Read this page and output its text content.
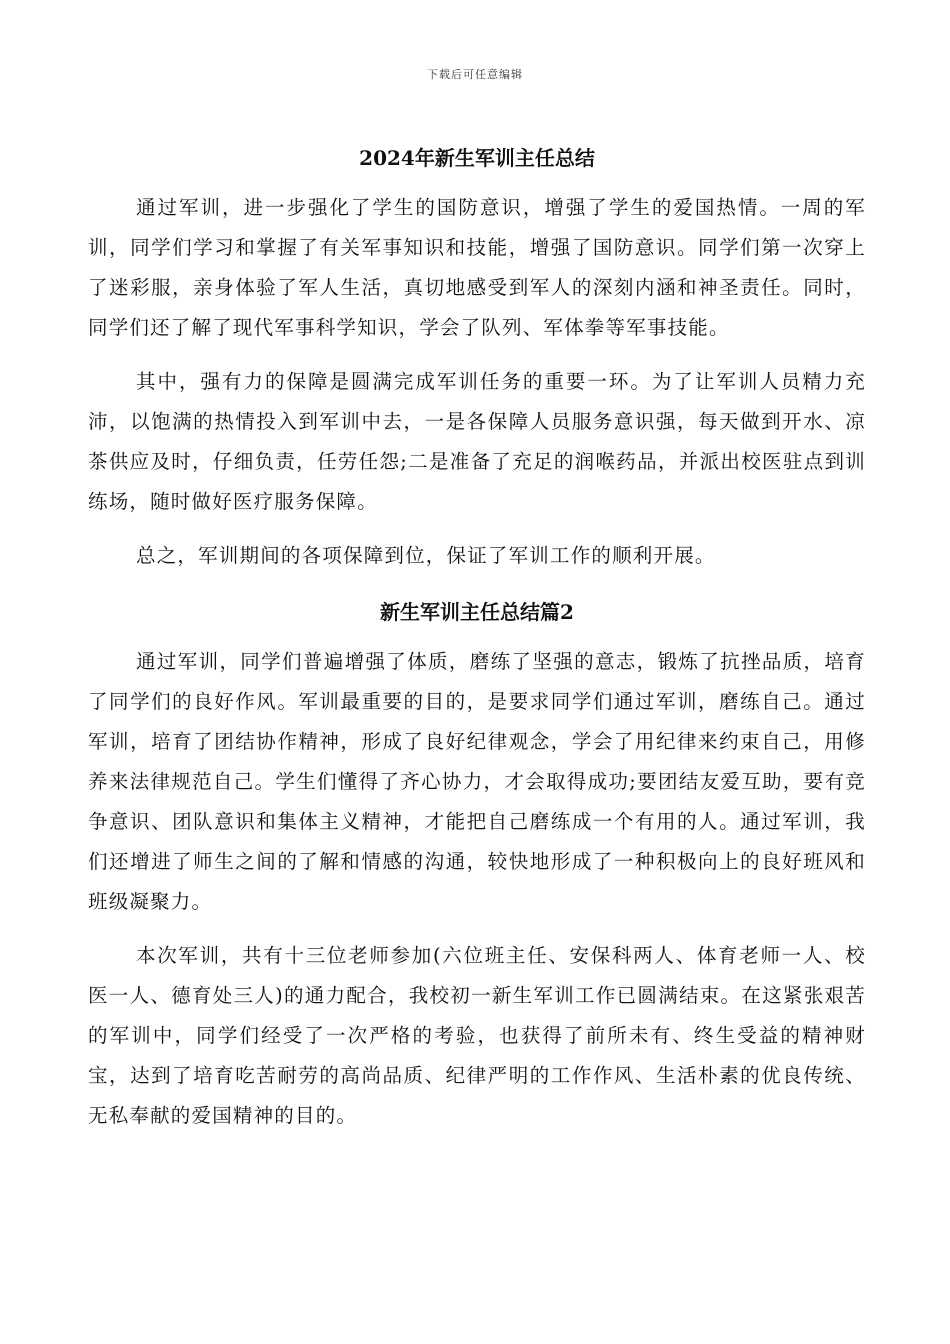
下载后可任意编辑
2024年新生军训主任总结

通过军训，进一步强化了学生的国防意识，增强了学生的爱国热情。一周的军训，同学们学习和掌握了有关军事知识和技能，增强了国防意识。同学们第一次穿上了迷彩服，亲身体验了军人生活，真切地感受到军人的深刻内涵和神圣责任。同时，同学们还了解了现代军事科学知识，学会了队列、军体拳等军事技能。

其中，强有力的保障是圆满完成军训任务的重要一环。为了让军训人员精力充沛，以饱满的热情投入到军训中去，一是各保障人员服务意识强，每天做到开水、凉茶供应及时，仔细负责，任劳任怨;二是准备了充足的润喉药品，并派出校医驻点到训练场，随时做好医疗服务保障。

总之，军训期间的各项保障到位，保证了军训工作的顺利开展。

新生军训主任总结篇2

通过军训，同学们普遍增强了体质，磨练了坚强的意志，锻炼了抗挫品质，培育了同学们的良好作风。军训最重要的目的，是要求同学们通过军训，磨练自己。通过军训，培育了团结协作精神，形成了良好纪律观念，学会了用纪律来约束自己，用修养来法律规范自己。学生们懂得了齐心协力，才会取得成功;要团结友爱互助，要有竞争意识、团队意识和集体主义精神，才能把自己磨练成一个有用的人。通过军训，我们还增进了师生之间的了解和情感的沟通，较快地形成了一种积极向上的良好班风和班级凝聚力。

本次军训，共有十三位老师参加(六位班主任、安保科两人、体育老师一人、校医一人、德育处三人)的通力配合，我校初一新生军训工作已圆满结束。在这紧张艰苦的军训中，同学们经受了一次严格的考验，也获得了前所未有、终生受益的精神财宝，达到了培育吃苦耐劳的高尚品质、纪律严明的工作作风、生活朴素的优良传统、无私奉献的爱国精神的目的。
